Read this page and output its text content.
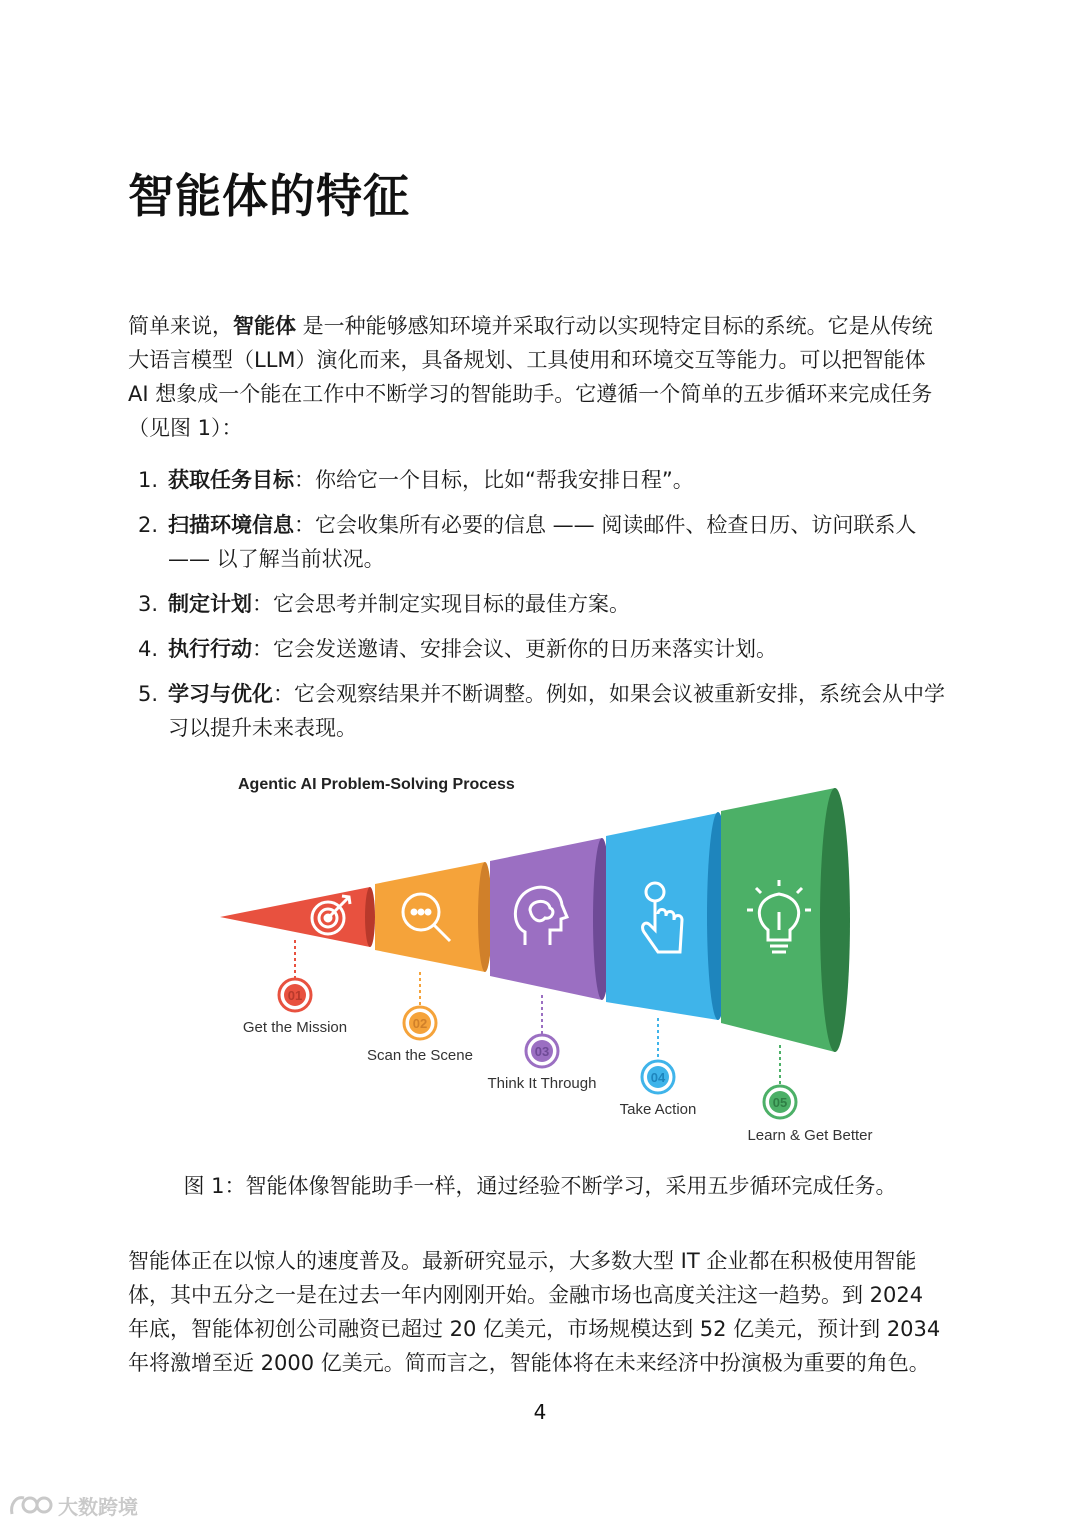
智能体的特征

简单来说，智能体 是一种能够感知环境并采取行动以实现特定目标的系统。它是从传统大语言模型（LLM）演化而来，具备规划、工具使用和环境交互等能力。可以把智能体 AI 想象成一个能在工作中不断学习的智能助手。它遵循一个简单的五步循环来完成任务（见图 1）：

1. 获取任务目标：你给它一个目标，比如“帮我安排日程”。
2. 扫描环境信息：它会收集所有必要的信息 —— 阅读邮件、检查日历、访问联系人 —— 以了解当前状况。
3. 制定计划：它会思考并制定实现目标的最佳方案。
4. 执行行动：它会发送邀请、安排会议、更新你的日历来落实计划。
5. 学习与优化：它会观察结果并不断调整。例如，如果会议被重新安排，系统会从中学习以提升未来表现。
Agentic AI Problem-Solving Process
01
Get the Mission	02
Scan the Scene	03
Think It Through	04
Take Action	05
Learn & Get Better
图 1：智能体像智能助手一样，通过经验不断学习，采用五步循环完成任务。

智能体正在以惊人的速度普及。最新研究显示，大多数大型 IT 企业都在积极使用智能体，其中五分之一是在过去一年内刚刚开始。金融市场也高度关注这一趋势。到 2024 年底，智能体初创公司融资已超过 20 亿美元，市场规模达到 52 亿美元，预计到 2034 年将激增至近 2000 亿美元。简而言之，智能体将在未来经济中扮演极为重要的角色。

4
大数跨境
